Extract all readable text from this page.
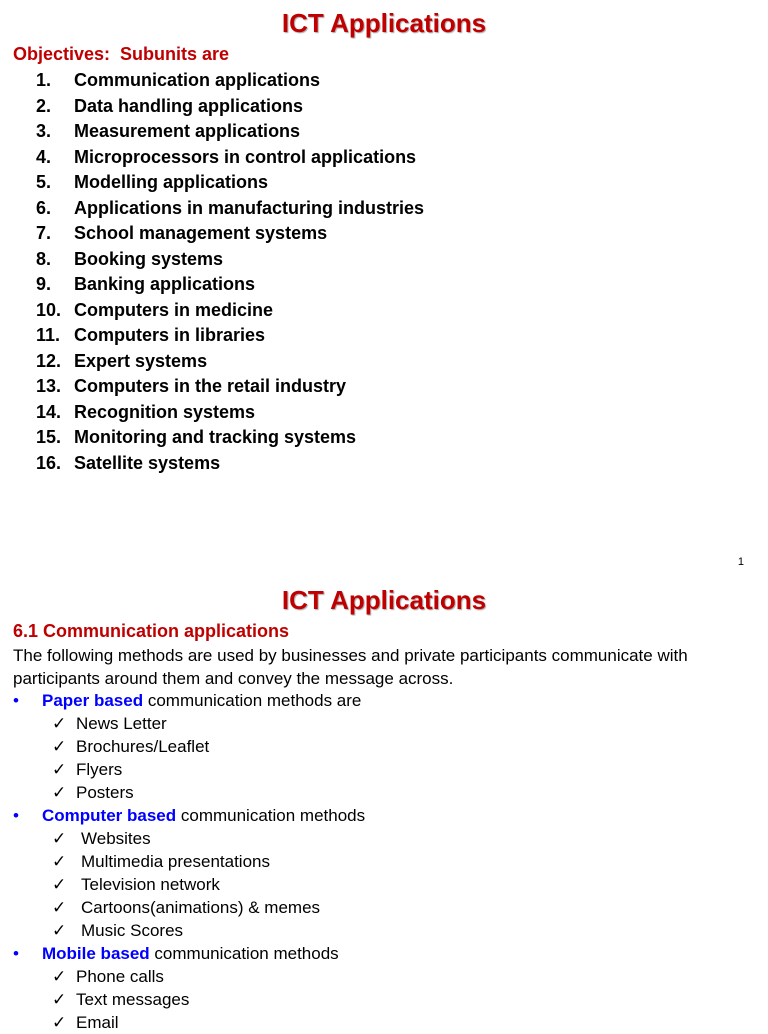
ICT Applications
Objectives:  Subunits are
1.	Communication applications
2.	Data handling applications
3.	Measurement applications
4.	Microprocessors in control applications
5.	Modelling applications
6.	Applications in manufacturing industries
7.	School management systems
8.	Booking systems
9.	Banking applications
10. Computers in medicine
11. Computers in libraries
12. Expert systems
13. Computers in the retail industry
14. Recognition systems
15. Monitoring and tracking systems
16. Satellite systems
1
ICT Applications
6.1 Communication applications

The following methods are used by businesses and private participants communicate with participants around them and convey the message across.

• Paper based communication methods are
✓ News Letter
✓ Brochures/Leaflet
✓ Flyers
✓ Posters
• Computer based communication methods
✓ Websites
✓ Multimedia presentations
✓ Television network
✓ Cartoons(animations) & memes
✓ Music Scores
• Mobile based communication methods
✓ Phone calls
✓ Text messages
✓ Email
